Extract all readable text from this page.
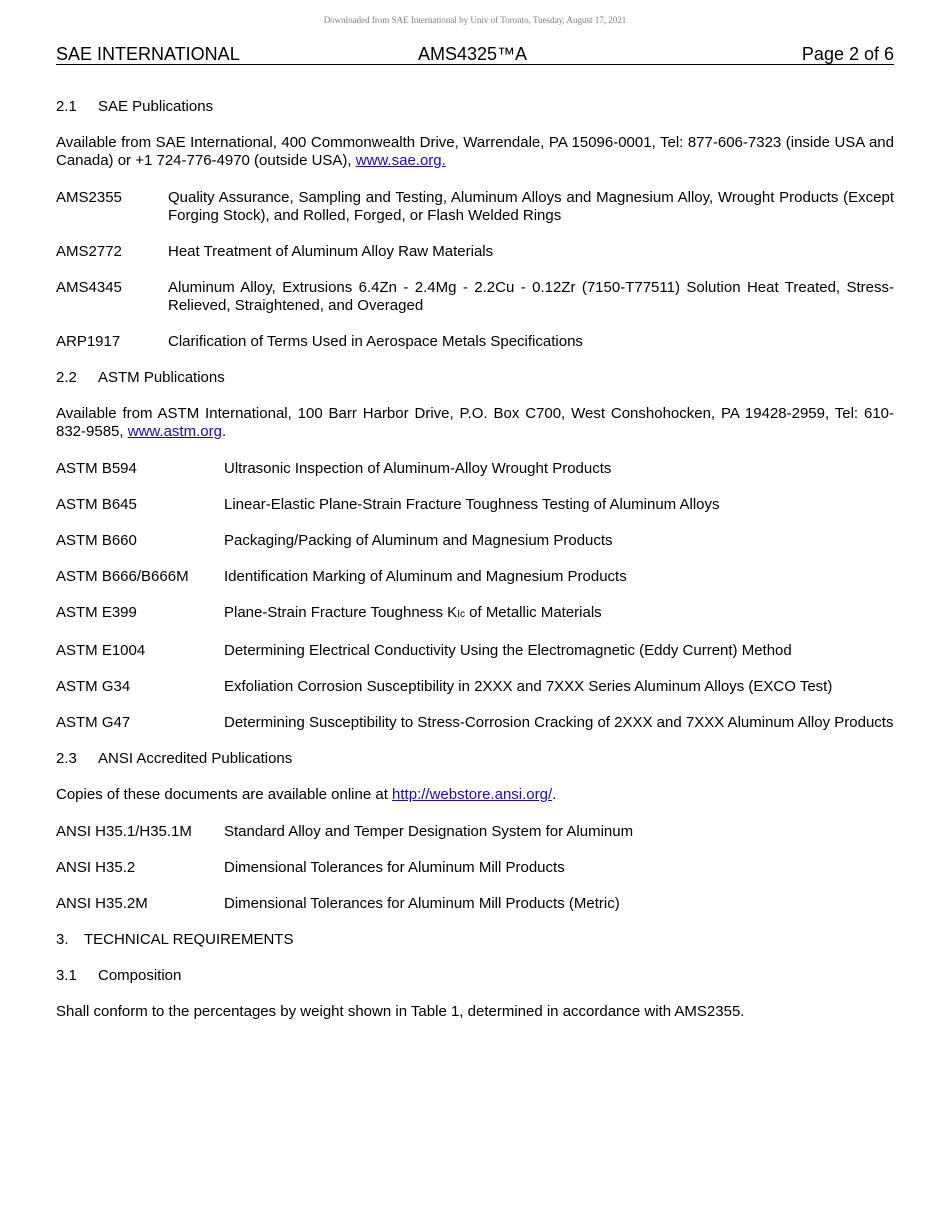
Downloaded from SAE International by Univ of Toronto, Tuesday, August 17, 2021
SAE INTERNATIONAL	AMS4325™A	Page 2 of 6
2.1 SAE Publications
Available from SAE International, 400 Commonwealth Drive, Warrendale, PA 15096-0001, Tel: 877-606-7323 (inside USA and Canada) or +1 724-776-4970 (outside USA), www.sae.org.
AMS2355	Quality Assurance, Sampling and Testing, Aluminum Alloys and Magnesium Alloy, Wrought Products (Except Forging Stock), and Rolled, Forged, or Flash Welded Rings
AMS2772	Heat Treatment of Aluminum Alloy Raw Materials
AMS4345	Aluminum Alloy, Extrusions 6.4Zn - 2.4Mg - 2.2Cu - 0.12Zr (7150-T77511) Solution Heat Treated, Stress-Relieved, Straightened, and Overaged
ARP1917	Clarification of Terms Used in Aerospace Metals Specifications
2.2 ASTM Publications
Available from ASTM International, 100 Barr Harbor Drive, P.O. Box C700, West Conshohocken, PA 19428-2959, Tel: 610-832-9585, www.astm.org.
ASTM B594	Ultrasonic Inspection of Aluminum-Alloy Wrought Products
ASTM B645	Linear-Elastic Plane-Strain Fracture Toughness Testing of Aluminum Alloys
ASTM B660	Packaging/Packing of Aluminum and Magnesium Products
ASTM B666/B666M	Identification Marking of Aluminum and Magnesium Products
ASTM E399	Plane-Strain Fracture Toughness KIc of Metallic Materials
ASTM E1004	Determining Electrical Conductivity Using the Electromagnetic (Eddy Current) Method
ASTM G34	Exfoliation Corrosion Susceptibility in 2XXX and 7XXX Series Aluminum Alloys (EXCO Test)
ASTM G47	Determining Susceptibility to Stress-Corrosion Cracking of 2XXX and 7XXX Aluminum Alloy Products
2.3 ANSI Accredited Publications
Copies of these documents are available online at http://webstore.ansi.org/.
ANSI H35.1/H35.1M	Standard Alloy and Temper Designation System for Aluminum
ANSI H35.2	Dimensional Tolerances for Aluminum Mill Products
ANSI H35.2M	Dimensional Tolerances for Aluminum Mill Products (Metric)
3. TECHNICAL REQUIREMENTS
3.1 Composition
Shall conform to the percentages by weight shown in Table 1, determined in accordance with AMS2355.
